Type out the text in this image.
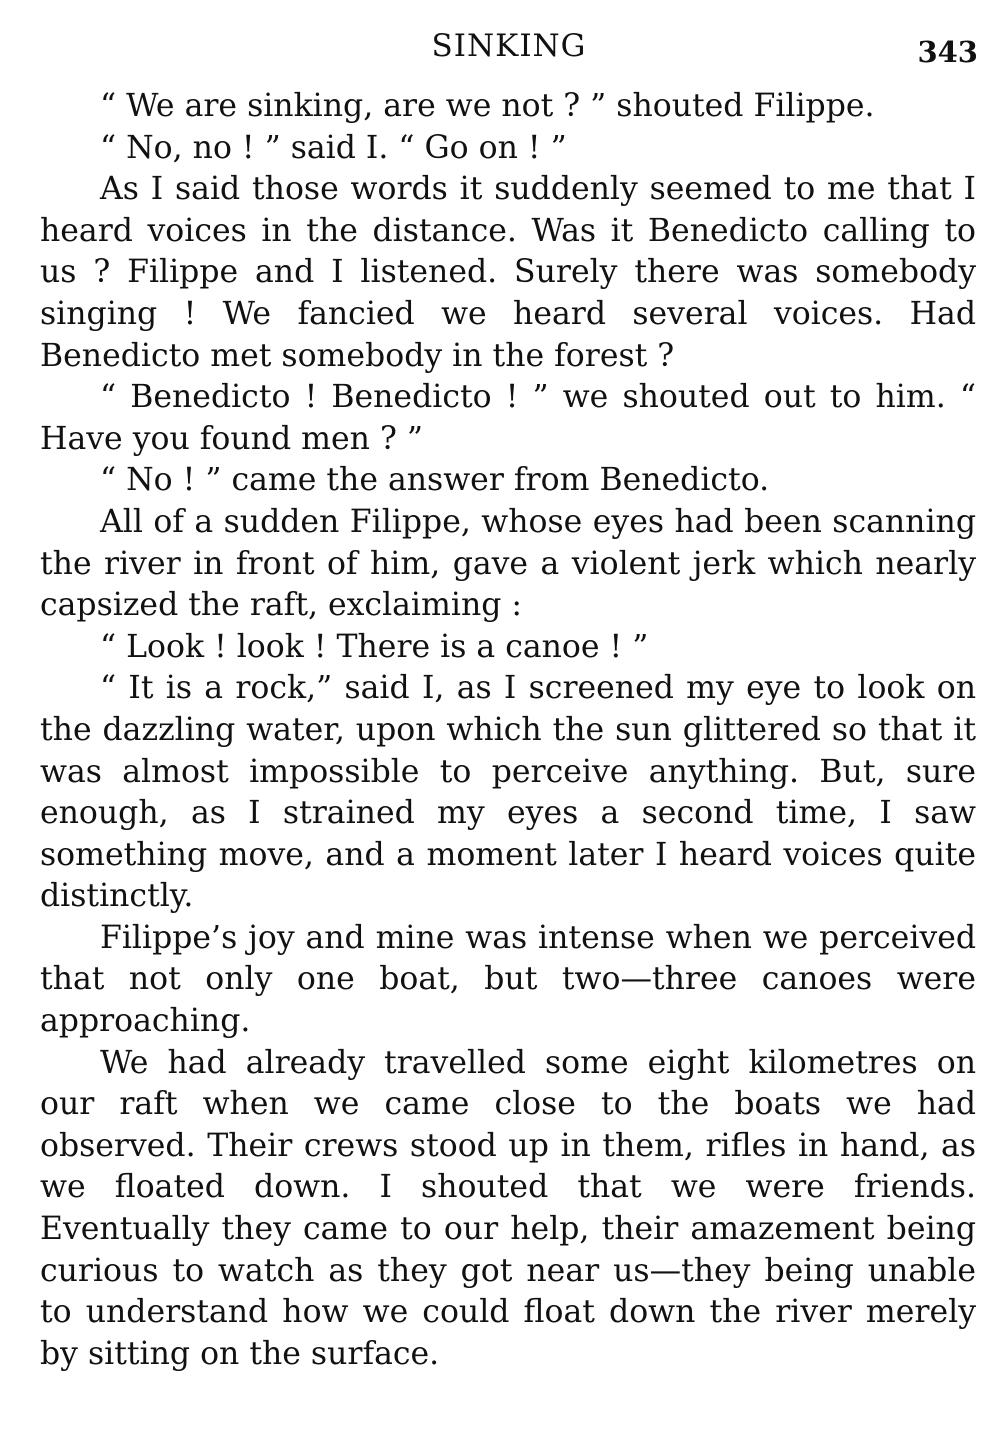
SINKING	343

“ We are sinking, are we not ? ” shouted Filippe.

“ No, no ! ” said I. “ Go on ! ”

As I said those words it suddenly seemed to me that I heard voices in the distance. Was it Benedicto calling to us ? Filippe and I listened. Surely there was somebody singing ! We fancied we heard several voices. Had Benedicto met somebody in the forest ?

“ Benedicto ! Benedicto ! ” we shouted out to him. “ Have you found men ? ”

“ No ! ” came the answer from Benedicto.

All of a sudden Filippe, whose eyes had been scanning the river in front of him, gave a violent jerk which nearly capsized the raft, exclaiming :

“ Look ! look ! There is a canoe ! ”

“ It is a rock,” said I, as I screened my eye to look on the dazzling water, upon which the sun glittered so that it was almost impossible to perceive anything. But, sure enough, as I strained my eyes a second time, I saw something move, and a moment later I heard voices quite distinctly.

Filippe’s joy and mine was intense when we perceived that not only one boat, but two—three canoes were approaching.

We had already travelled some eight kilometres on our raft when we came close to the boats we had observed. Their crews stood up in them, rifles in hand, as we floated down. I shouted that we were friends. Eventually they came to our help, their amazement being curious to watch as they got near us—they being unable to understand how we could float down the river merely by sitting on the surface.
